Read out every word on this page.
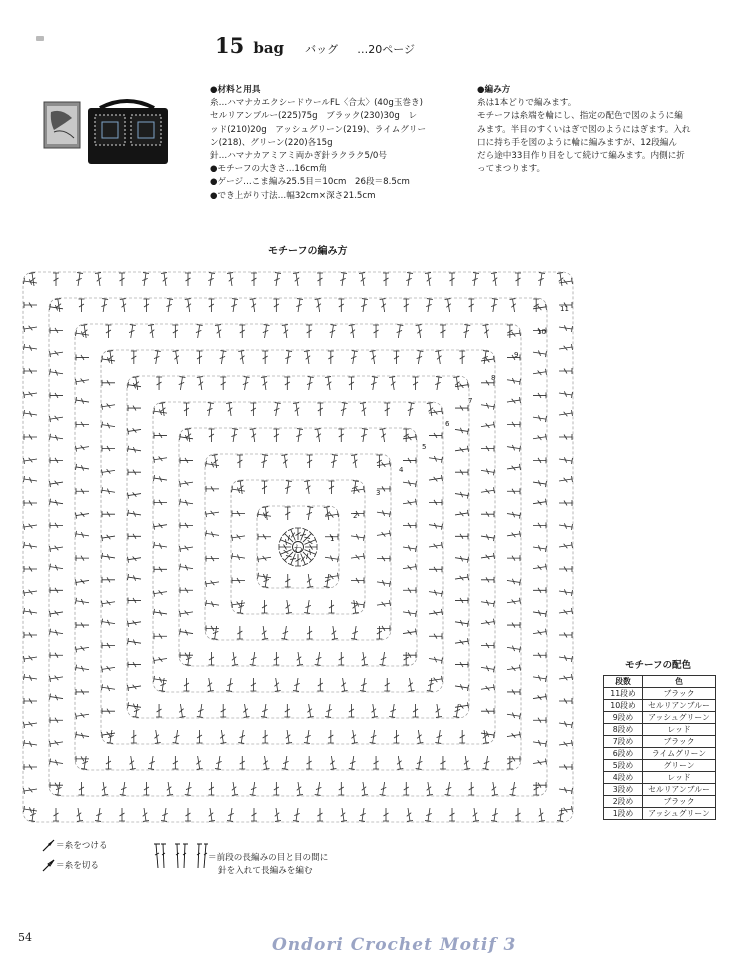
15 bag バッグ …20ページ
●材料と用具
糸…ハマナカエクシードウールFL〈合太〉(40g玉巻き)
セルリアンブルー(225)75g　ブラック(230)30g　レ
ッド(210)20g　アッシュグリーン(219)、ライムグリー
ン(218)、グリーン(220)各15g
針…ハマナカアミアミ両かぎ針ラクラク5/0号
●モチーフの大きさ…16cm角
●ゲージ…こま編み25.5目＝10cm　26段＝8.5cm
●でき上がり寸法…幅32cm×深さ21.5cm
●編み方
糸は1本どりで編みます。
モチーフは糸端を輪にし、指定の配色で図のように編
みます。半目のすくいはぎで図のようにはぎます。入れ
口に持ち手を図のように輪に編みますが、12段編ん
だら途中33目作り目をして続けて編みます。内側に折
ってまつります。
モチーフの編み方
わ
1
2
3
4
5
6
7
8
9
10
11
モチーフの配色
段数	色
11段め	ブラック
10段め	セルリアンブルー
9段め	アッシュグリーン
8段め	レッド
7段め	ブラック
6段め	ライムグリーン
5段め	グリーン
4段め	レッド
3段め	セルリアンブルー
2段め	ブラック
1段め	アッシュグリーン
＝糸をつける
＝糸を切る
＝前段の長編みの目と目の間に
針を入れて長編みを編む
54	Ondori Crochet Motif 3
